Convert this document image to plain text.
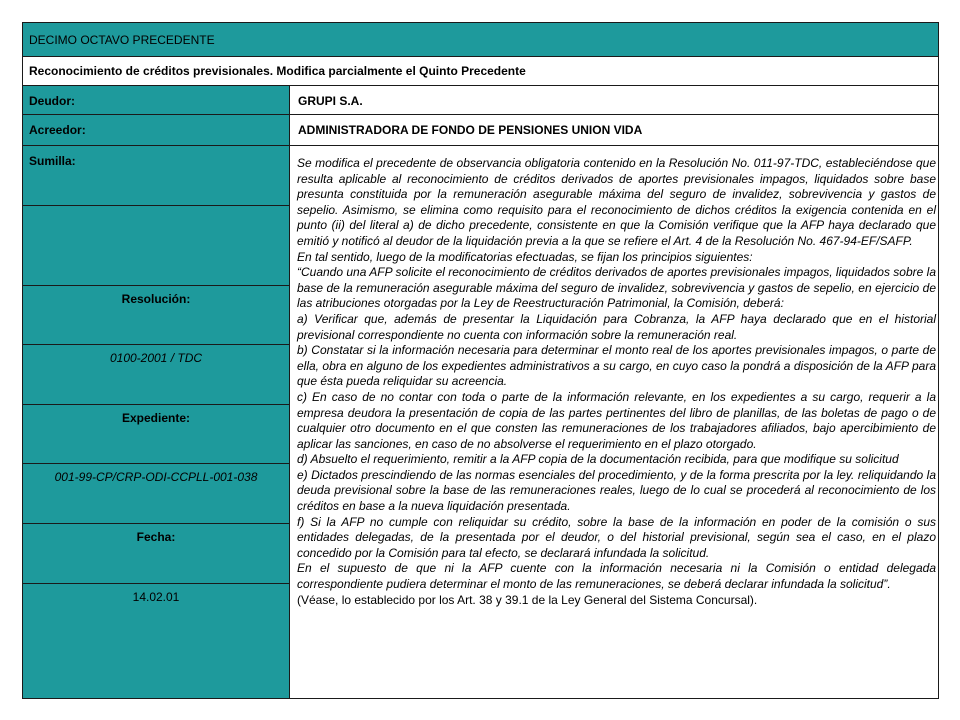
DECIMO OCTAVO PRECEDENTE
Reconocimiento de créditos previsionales. Modifica parcialmente el Quinto Precedente
Deudor:	GRUPI S.A.
Acreedor:	ADMINISTRADORA DE FONDO DE PENSIONES UNION VIDA
Sumilla:
Resolución:
0100-2001 / TDC
Expediente:
001-99-CP/CRP-ODI-CCPLL-001-038
Fecha:
14.02.01

Se modifica el precedente de observancia obligatoria contenido en la Resolución No. 011-97-TDC, estableciéndose que resulta aplicable al reconocimiento de créditos derivados de aportes previsionales impagos, liquidados sobre base presunta constituida por la remuneración asegurable máxima del seguro de invalidez, sobrevivencia y gastos de sepelio. Asimismo, se elimina como requisito para el reconocimiento de dichos créditos la exigencia contenida en el punto (ii) del literal a) de dicho precedente, consistente en que la Comisión verifique que la AFP haya declarado que emitió y notificó al deudor de la liquidación previa a la que se refiere el Art. 4 de la Resolución No. 467-94-EF/SAFP.

En tal sentido, luego de la modificatorias efectuadas, se fijan los principios siguientes:

“Cuando una AFP solicite el reconocimiento de créditos derivados de aportes previsionales impagos, liquidados sobre la base de la remuneración asegurable máxima del seguro de invalidez, sobrevivencia y gastos de sepelio, en ejercicio de las atribuciones otorgadas por la Ley de Reestructuración Patrimonial, la Comisión, deberá:

a) Verificar que, además de presentar la Liquidación para Cobranza, la AFP haya declarado que en el historial previsional correspondiente no cuenta con información sobre la remuneración real.

b) Constatar si la información necesaria para determinar el monto real de los aportes previsionales impagos, o parte de ella, obra en alguno de los expedientes administrativos a su cargo, en cuyo caso la pondrá a disposición de la AFP para que ésta pueda reliquidar su acreencia.

c) En caso de no contar con toda o parte de la información relevante, en los expedientes a su cargo, requerir a la empresa deudora la presentación de copia de las partes pertinentes del libro de planillas, de las boletas de pago o de cualquier otro documento en el que consten las remuneraciones de los trabajadores afiliados, bajo apercibimiento de aplicar las sanciones, en caso de no absolverse el requerimiento en el plazo otorgado.

d) Absuelto el requerimiento, remitir a la AFP copia de la documentación recibida, para que modifique su solicitud

e) Dictados prescindiendo de las normas esenciales del procedimiento, y de la forma prescrita por la ley. reliquidando la deuda previsional sobre la base de las remuneraciones reales, luego de lo cual se procederá al reconocimiento de los créditos en base a la nueva liquidación presentada.

f) Si la AFP no cumple con reliquidar su crédito, sobre la base de la información en poder de la comisión o sus entidades delegadas, de la presentada por el deudor, o del historial previsional, según sea el caso, en el plazo concedido por la Comisión para tal efecto, se declarará infundada la solicitud.

En el supuesto de que ni la AFP cuente con la información necesaria ni la Comisión o entidad delegada correspondiente pudiera determinar el monto de las remuneraciones, se deberá declarar infundada la solicitud”.

(Véase, lo establecido por los Art. 38 y 39.1 de la Ley General del Sistema Concursal).
